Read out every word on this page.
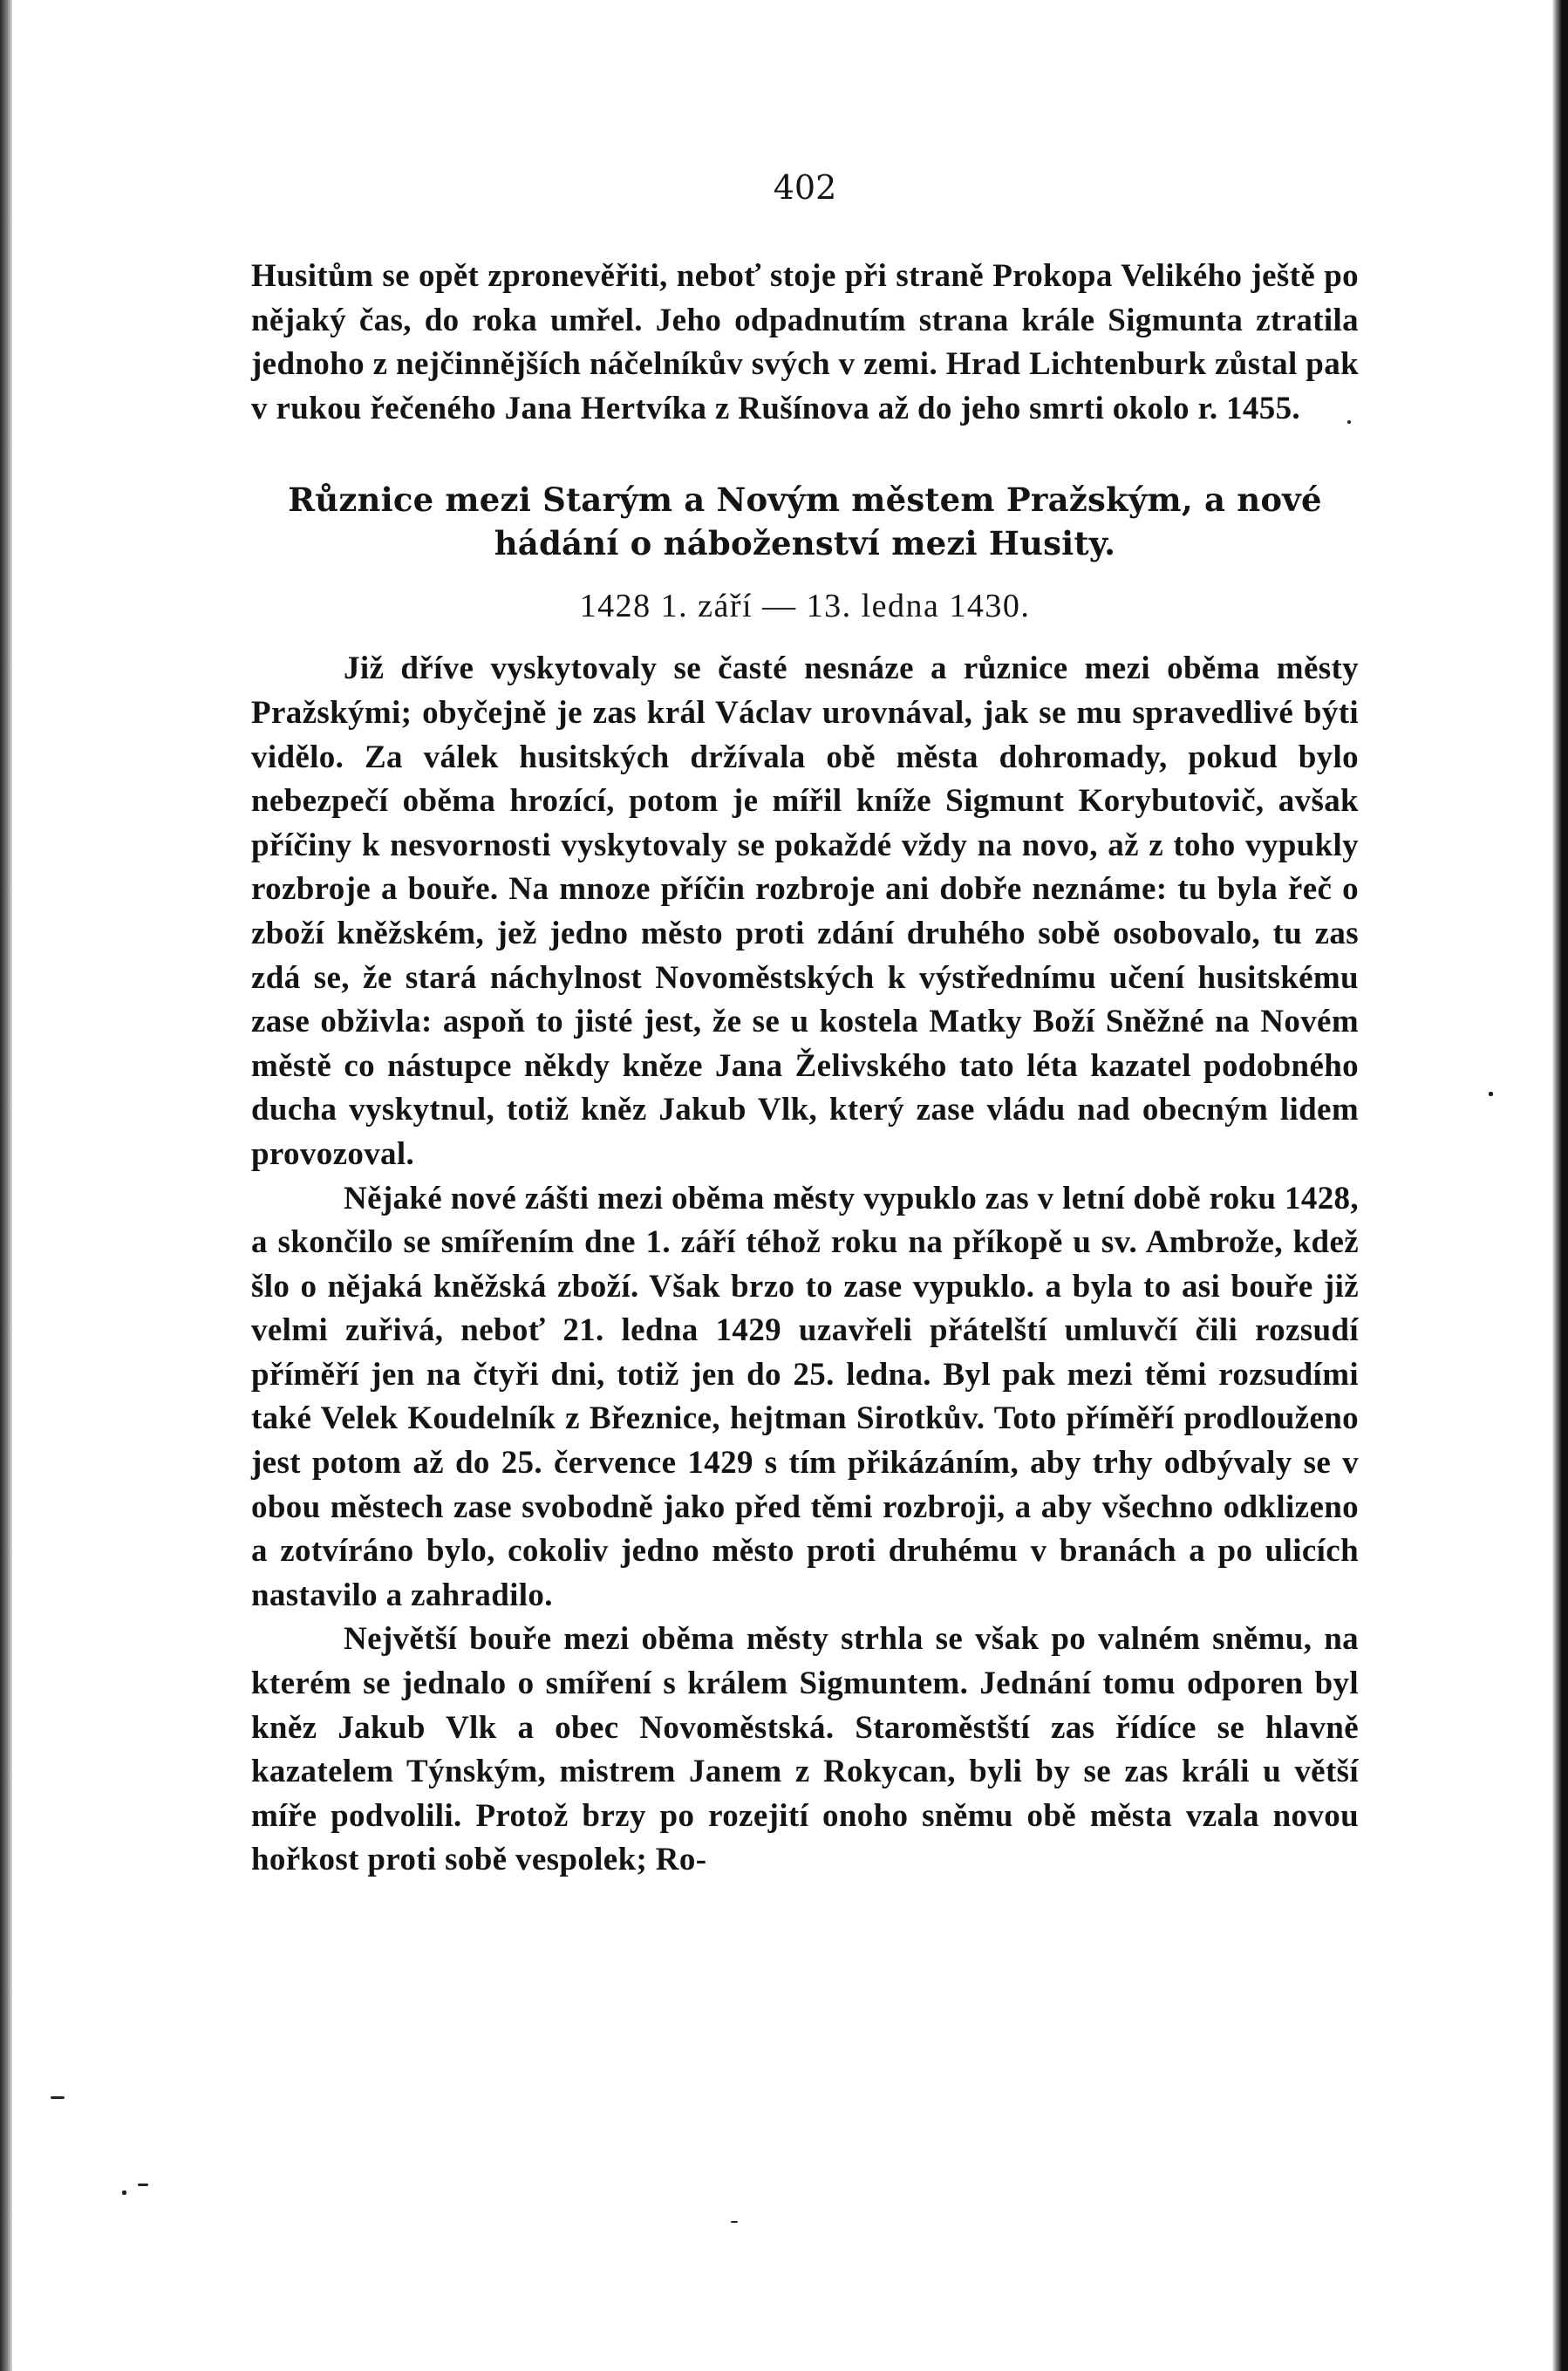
402

Husitům se opět zpronevěřiti, neboť stoje při straně Prokopa Velikého ještě po nějaký čas, do roka umřel. Jeho odpadnutím strana krále Sigmunta ztratila jednoho z nejčinnějších náčelníkův svých v zemi. Hrad Lichtenburk zůstal pak v rukou řečeného Jana Hertvíka z Rušínova až do jeho smrti okolo r. 1455.

Různice mezi Starým a Novým městem Pražským, a nové hádání o náboženství mezi Husity.
1428 1. září — 13. ledna 1430.

Již dříve vyskytovaly se časté nesnáze a různice mezi oběma městy Pražskými; obyčejně je zas král Václav urovnával, jak se mu spravedlivé býti vidělo. Za válek husitských držívala obě města dohromady, pokud bylo nebezpečí oběma hrozící, potom je mířil kníže Sigmunt Korybutovič, avšak příčiny k nesvornosti vyskytovaly se pokaždé vždy na novo, až z toho vypukly rozbroje a bouře. Na mnoze příčin rozbroje ani dobře neznáme: tu byla řeč o zboží kněžském, jež jedno město proti zdání druhého sobě osobovalo, tu zas zdá se, že stará náchylnost Novoměstských k výstřednímu učení husitskému zase obživla: aspoň to jisté jest, že se u kostela Matky Boží Sněžné na Novém městě co nástupce někdy kněze Jana Želivského tato léta kazatel podobného ducha vyskytnul, totiž kněz Jakub Vlk, který zase vládu nad obecným lidem provozoval.

Nějaké nové zášti mezi oběma městy vypuklo zas v letní době roku 1428, a skončilo se smířením dne 1. září téhož roku na příkopě u sv. Ambrože, kdež šlo o nějaká kněžská zboží. Však brzo to zase vypuklo. a byla to asi bouře již velmi zuřivá, neboť 21. ledna 1429 uzavřeli přátelští umluvčí čili rozsudí příměří jen na čtyři dni, totiž jen do 25. ledna. Byl pak mezi těmi rozsudími také Velek Koudelník z Březnice, hejtman Sirotkův. Toto příměří prodlouženo jest potom až do 25. července 1429 s tím přikázáním, aby trhy odbývaly se v obou městech zase svobodně jako před těmi rozbroji, a aby všechno odklizeno a zotvíráno bylo, cokoliv jedno město proti druhému v branách a po ulicích nastavilo a zahradilo.

Největší bouře mezi oběma městy strhla se však po valném sněmu, na kterém se jednalo o smíření s králem Sigmuntem. Jednání tomu odporen byl kněz Jakub Vlk a obec Novoměstská. Staroměstští zas řídíce se hlavně kazatelem Týnským, mistrem Janem z Rokycan, byli by se zas králi u větší míře podvolili. Protož brzy po rozejití onoho sněmu obě města vzala novou hořkost proti sobě vespolek; Ro-
